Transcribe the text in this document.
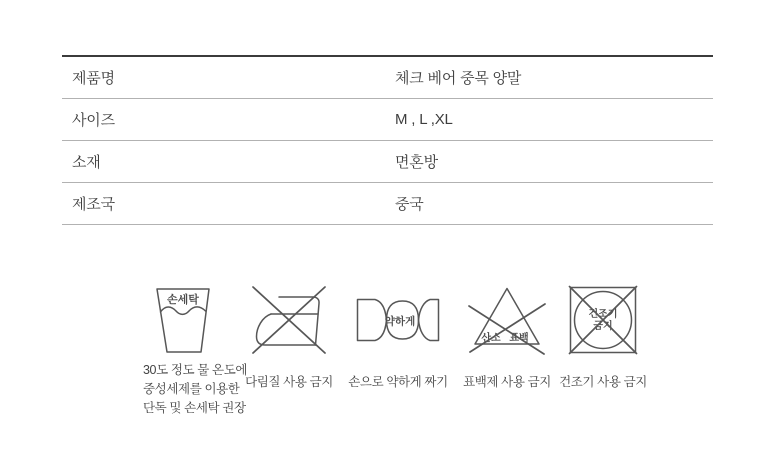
제품명	체크 베어 중목 양말
사이즈	M , L ,XL
소재	면혼방
제조국	중국
손세탁
30도 정도 물 온도에
중성세제를 이용한
단독 및 손세탁 권장
다림질 사용 금지
약하게
손으로 약하게 짜기
산소 표백
표백제 사용 금지
건조기
금지
건조기 사용 금지
